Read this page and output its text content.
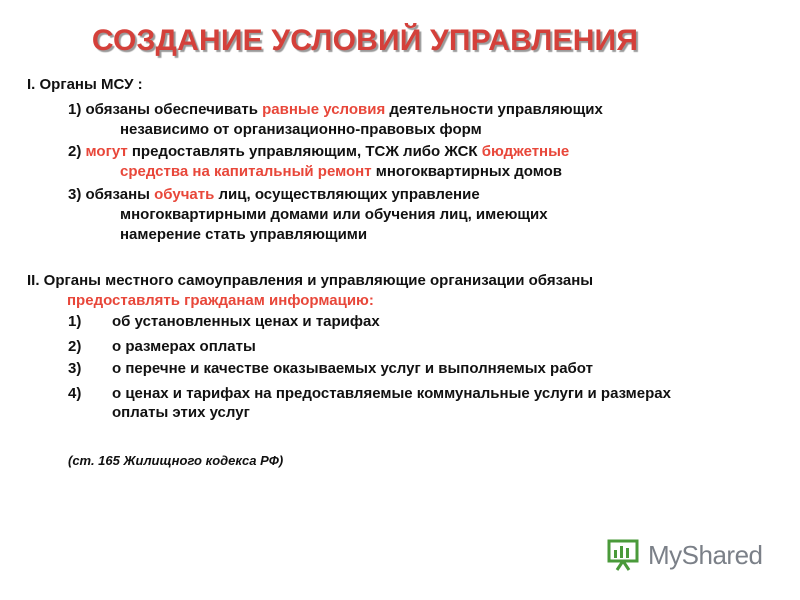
СОЗДАНИЕ УСЛОВИЙ УПРАВЛЕНИЯ
I. Органы МСУ :
1) обязаны обеспечивать равные условия деятельности управляющих
независимо от организационно-правовых форм
2) могут предоставлять управляющим, ТСЖ либо ЖСК бюджетные
средства на капитальный ремонт многоквартирных домов
3) обязаны обучать лиц, осуществляющих управление
многоквартирными домами или обучения лиц, имеющих
намерение стать управляющими
II. Органы местного самоуправления и управляющие организации обязаны
предоставлять гражданам информацию:
1)	об установленных ценах и тарифах
2)	о размерах оплаты
3)	о перечне и качестве оказываемых услуг и выполняемых работ
4)	о ценах и тарифах на предоставляемые коммунальные услуги и размерах оплаты этих услуг
(ст. 165 Жилищного кодекса РФ)
MyShared
